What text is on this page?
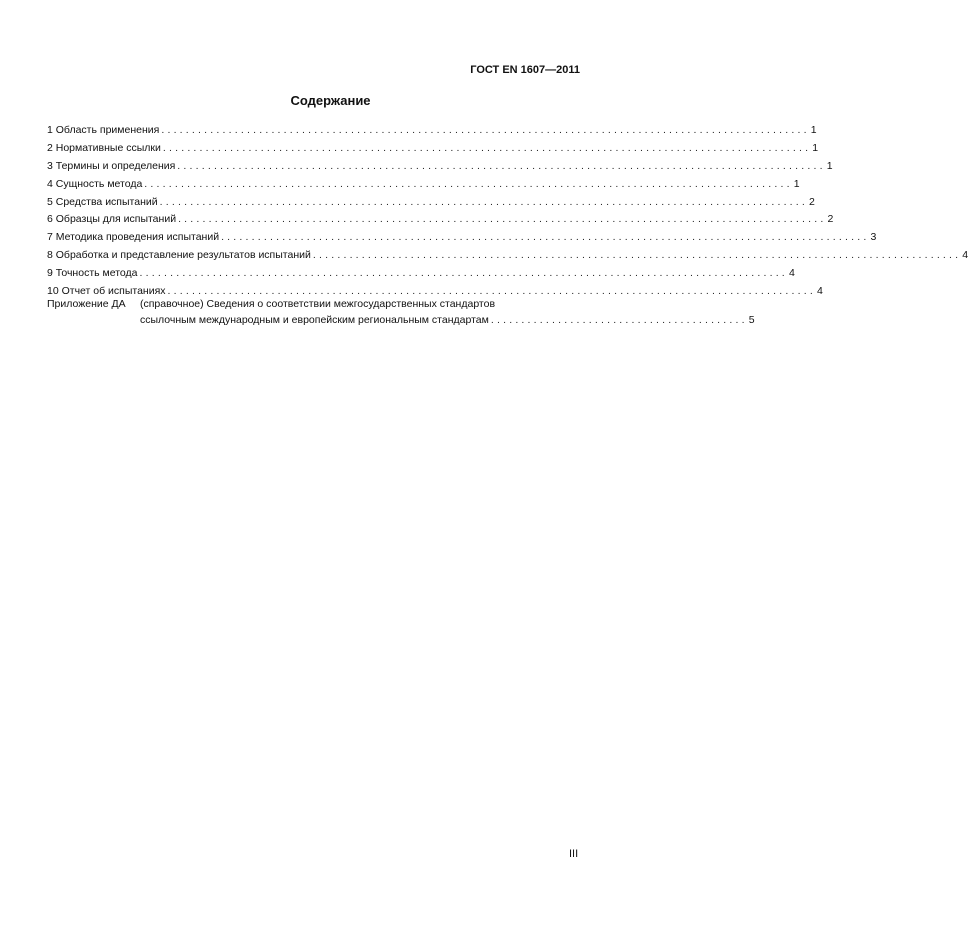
ГОСТ EN 1607—2011
Содержание
1 Область применения .......................................................................................................... 1
2 Нормативные ссылки .......................................................................................................... 1
3 Термины и определения .......................................................................................................... 1
4 Сущность метода .......................................................................................................... 1
5 Средства испытаний .......................................................................................................... 2
6 Образцы для испытаний .......................................................................................................... 2
7 Методика проведения испытаний .......................................................................................................... 3
8 Обработка и представление результатов испытаний .......................................................................................................... 4
9 Точность метода .......................................................................................................... 4
10 Отчет об испытаниях .......................................................................................................... 4
Приложение ДА	(справочное) Сведения о соответствии межгосударственных стандартов
ссылочным международным и европейским региональным стандартам .......................................... 5
III
